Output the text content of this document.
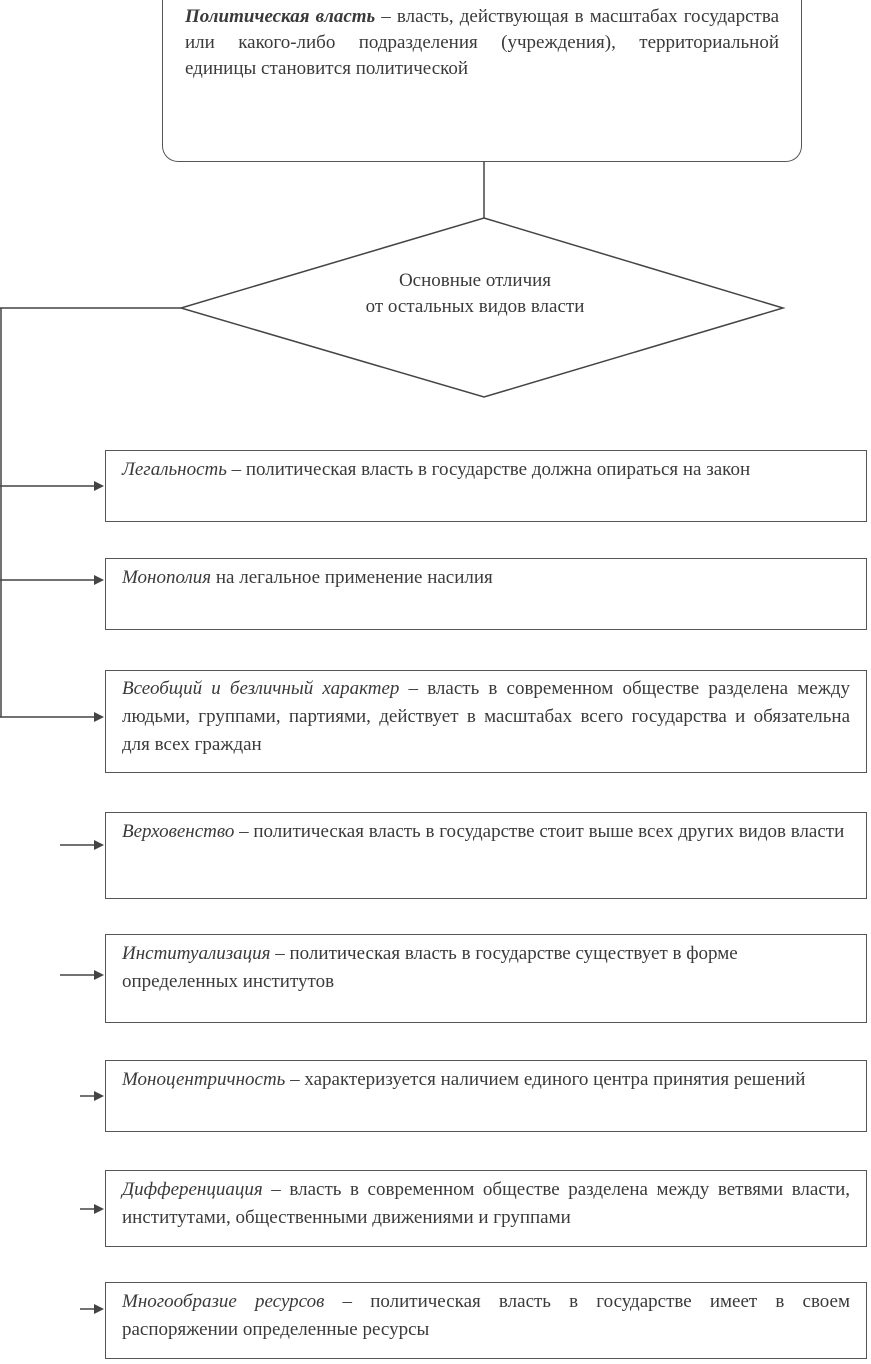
Политическая власть – власть, действующая в масштабах государства или какого-либо подразделения (учреждения), территориальной единицы становится политической
Основные отличия
от остальных видов власти
Легальность – политическая власть в государстве должна опираться на закон
Монополия на легальное применение насилия
Всеобщий и безличный характер – власть в современном обществе разделена между людьми, группами, партиями, действует в масштабах всего государства и обязательна для всех граждан
Верховенство – политическая власть в государстве стоит выше всех других видов власти
Институализация – политическая власть в государстве существует в форме определенных институтов
Моноцентричность – характеризуется наличием единого центра принятия решений
Дифференциация – власть в современном обществе разделена между ветвями власти, институтами, общественными движениями и группами
Многообразие ресурсов – политическая власть в государстве имеет в своем распоряжении определенные ресурсы
